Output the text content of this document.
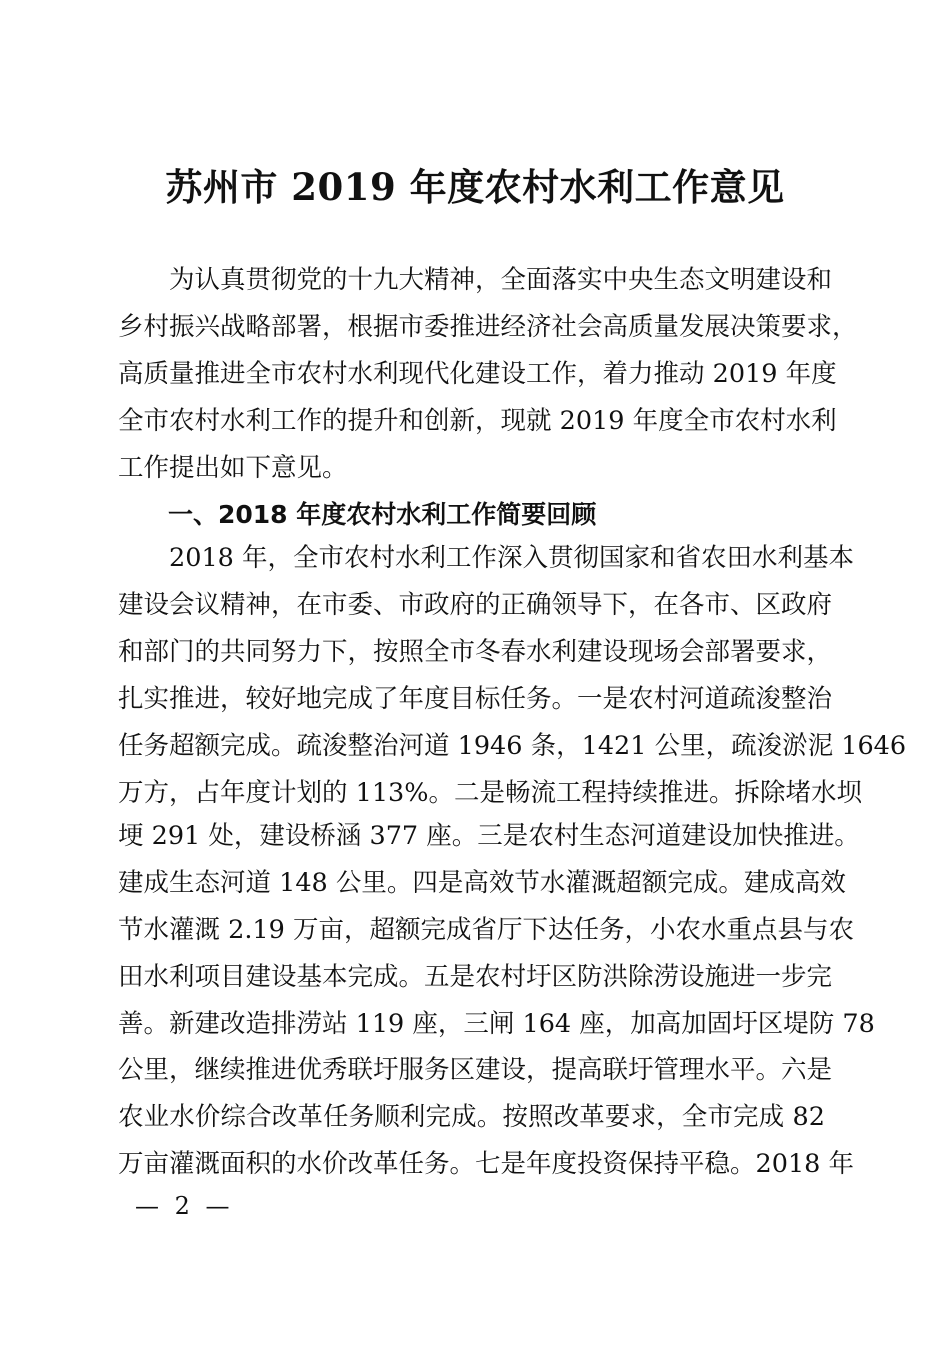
苏州市 2019 年度农村水利工作意见
　　为认真贯彻党的十九大精神，全面落实中央生态文明建设和
乡村振兴战略部署，根据市委推进经济社会高质量发展决策要求，
高质量推进全市农村水利现代化建设工作，着力推动 2019 年度
全市农村水利工作的提升和创新，现就 2019 年度全市农村水利
工作提出如下意见。
　　一、2018 年度农村水利工作简要回顾
　　2018 年，全市农村水利工作深入贯彻国家和省农田水利基本
建设会议精神，在市委、市政府的正确领导下，在各市、区政府
和部门的共同努力下，按照全市冬春水利建设现场会部署要求，
扎实推进，较好地完成了年度目标任务。一是农村河道疏浚整治
任务超额完成。疏浚整治河道 1946 条，1421 公里，疏浚淤泥 1646
万方，占年度计划的 113%。二是畅流工程持续推进。拆除堵水坝
埂 291 处，建设桥涵 377 座。三是农村生态河道建设加快推进。
建成生态河道 148 公里。四是高效节水灌溉超额完成。建成高效
节水灌溉 2.19 万亩，超额完成省厅下达任务，小农水重点县与农
田水利项目建设基本完成。五是农村圩区防洪除涝设施进一步完
善。新建改造排涝站 119 座，三闸 164 座，加高加固圩区堤防 78
公里，继续推进优秀联圩服务区建设，提高联圩管理水平。六是
农业水价综合改革任务顺利完成。按照改革要求，全市完成 82
万亩灌溉面积的水价改革任务。七是年度投资保持平稳。2018 年
— 2 —
